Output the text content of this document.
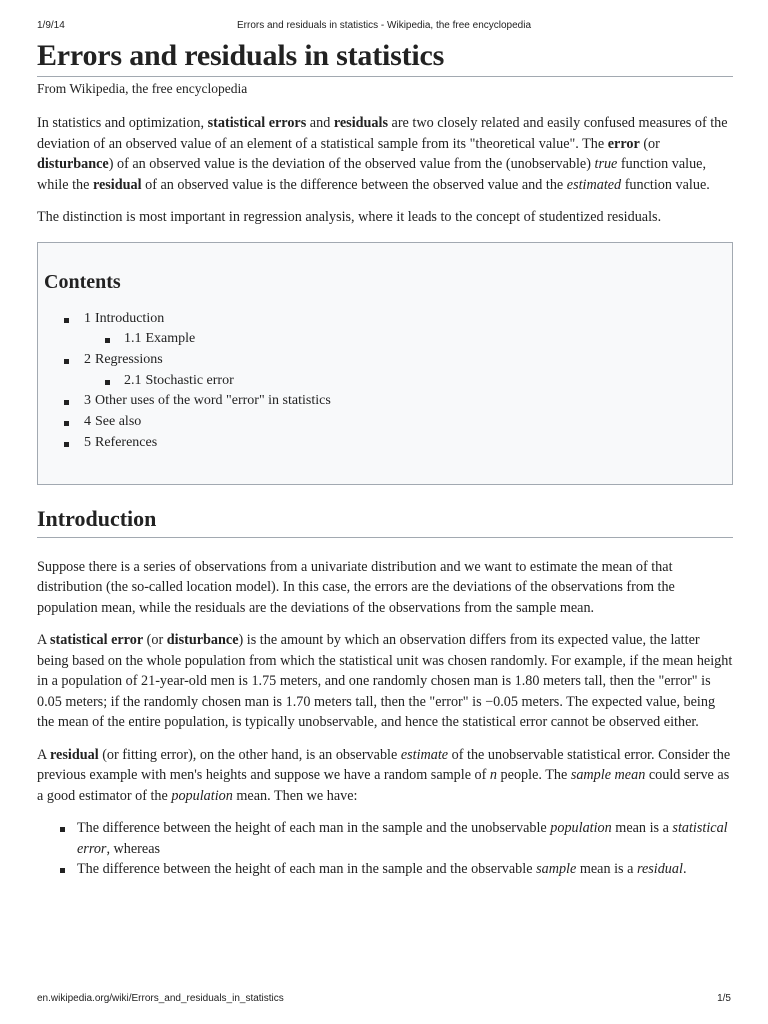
1/9/14	Errors and residuals in statistics - Wikipedia, the free encyclopedia
Errors and residuals in statistics
From Wikipedia, the free encyclopedia

In statistics and optimization, statistical errors and residuals are two closely related and easily confused measures of the deviation of an observed value of an element of a statistical sample from its "theoretical value". The error (or disturbance) of an observed value is the deviation of the observed value from the (unobservable) true function value, while the residual of an observed value is the difference between the observed value and the estimated function value.

The distinction is most important in regression analysis, where it leads to the concept of studentized residuals.

Contents
1 Introduction
1.1 Example
2 Regressions
2.1 Stochastic error
3 Other uses of the word "error" in statistics
4 See also
5 References
Introduction

Suppose there is a series of observations from a univariate distribution and we want to estimate the mean of that distribution (the so-called location model). In this case, the errors are the deviations of the observations from the population mean, while the residuals are the deviations of the observations from the sample mean.

A statistical error (or disturbance) is the amount by which an observation differs from its expected value, the latter being based on the whole population from which the statistical unit was chosen randomly. For example, if the mean height in a population of 21-year-old men is 1.75 meters, and one randomly chosen man is 1.80 meters tall, then the "error" is 0.05 meters; if the randomly chosen man is 1.70 meters tall, then the "error" is −0.05 meters. The expected value, being the mean of the entire population, is typically unobservable, and hence the statistical error cannot be observed either.

A residual (or fitting error), on the other hand, is an observable estimate of the unobservable statistical error. Consider the previous example with men's heights and suppose we have a random sample of n people. The sample mean could serve as a good estimator of the population mean. Then we have:

The difference between the height of each man in the sample and the unobservable population mean is a statistical error, whereas
The difference between the height of each man in the sample and the observable sample mean is a residual.
en.wikipedia.org/wiki/Errors_and_residuals_in_statistics	1/5
